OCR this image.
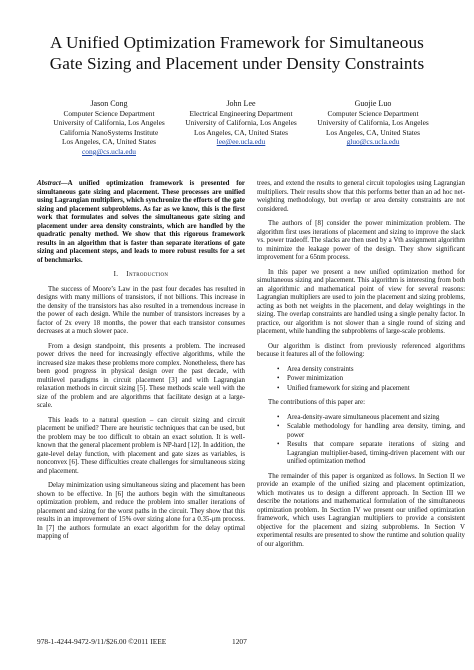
A Unified Optimization Framework for Simultaneous
Gate Sizing and Placement under Density Constraints
Jason Cong
Computer Science Department
University of California, Los Angeles
California NanoSystems Institute
Los Angeles, CA, United States
cong@cs.ucla.edu
John Lee
Electrical Engineering Department
University of California, Los Angeles
Los Angeles, CA, United States
lee@ee.ucla.edu
Guojie Luo
Computer Science Department
University of California, Los Angeles
Los Angeles, CA, United States
gluo@cs.ucla.edu

Abstract—A unified optimization framework is presented for simultaneous gate sizing and placement. These processes are unified using Lagrangian multipliers, which synchronize the efforts of the gate sizing and placement subproblems. As far as we know, this is the first work that formulates and solves the simultaneous gate sizing and placement under area density constraints, which are handled by the quadratic penalty method. We show that this rigorous framework results in an algorithm that is faster than separate iterations of gate sizing and placement steps, and leads to more robust results for a set of benchmarks.

I. Introduction

The success of Moore’s Law in the past four decades has resulted in designs with many millions of transistors, if not billions. This increase in the density of the transistors has also resulted in a tremendous increase in the power of each design. While the number of transistors increases by a factor of 2x every 18 months, the power that each transistor consumes decreases at a much slower pace.

From a design standpoint, this presents a problem. The increased power drives the need for increasingly effective algorithms, while the increased size makes these problems more complex. Nonetheless, there has been good progress in physical design over the past decade, with multilevel paradigms in circuit placement [3] and with Lagrangian relaxation methods in circuit sizing [5]. These methods scale well with the size of the problem and are algorithms that facilitate design at a large-scale.

This leads to a natural question – can circuit sizing and circuit placement be unified? There are heuristic techniques that can be used, but the problem may be too difficult to obtain an exact solution. It is well-known that the general placement problem is NP-hard [12]. In addition, the gate-level delay function, with placement and gate sizes as variables, is nonconvex [6]. These difficulties create challenges for simultaneous sizing and placement.

Delay minimization using simultaneous sizing and placement has been shown to be effective. In [6] the authors begin with the simultaneous optimization problem, and reduce the problem into smaller iterations of placement and sizing for the worst paths in the circuit. They show that this results in an improvement of 15% over sizing alone for a 0.35-μm process. In [7] the authors formulate an exact algorithm for the delay optimal mapping of

trees, and extend the results to general circuit topologies using Lagrangian multipliers. Their results show that this performs better than an ad hoc net-weighting methodology, but overlap or area density constraints are not considered.

The authors of [8] consider the power minimization problem. The algorithm first uses iterations of placement and sizing to improve the slack vs. power tradeoff. The slacks are then used by a Vth assignment algorithm to minimize the leakage power of the design. They show significant improvement for a 65nm process.

In this paper we present a new unified optimization method for simultaneous sizing and placement. This algorithm is interesting from both an algorithmic and mathematical point of view for several reasons: Lagrangian multipliers are used to join the placement and sizing problems, acting as both net weights in the placement, and delay weightings in the sizing. The overlap constraints are handled using a single penalty factor. In practice, our algorithm is not slower than a single round of sizing and placement, while handling the subproblems of large-scale problems.

Our algorithm is distinct from previously referenced algorithms because it features all of the following:

• Area density constraints
• Power minimization
• Unified framework for sizing and placement

The contributions of this paper are:

• Area-density-aware simultaneous placement and sizing
• Scalable methodology for handling area density, timing, and power
• Results that compare separate iterations of sizing and Lagrangian multiplier-based, timing-driven placement with our unified optimization method

The remainder of this paper is organized as follows. In Section II we provide an example of the unified sizing and placement optimization, which motivates us to design a different approach. In Section III we describe the notations and mathematical formulation of the simultaneous optimization problem. In Section IV we present our unified optimization framework, which uses Lagrangian multipliers to provide a consistent objective for the placement and sizing subproblems. In Section V experimental results are presented to show the runtime and solution quality of our algorithm.

978-1-4244-9472-9/11/$26.00 ©2011 IEEE	1207
